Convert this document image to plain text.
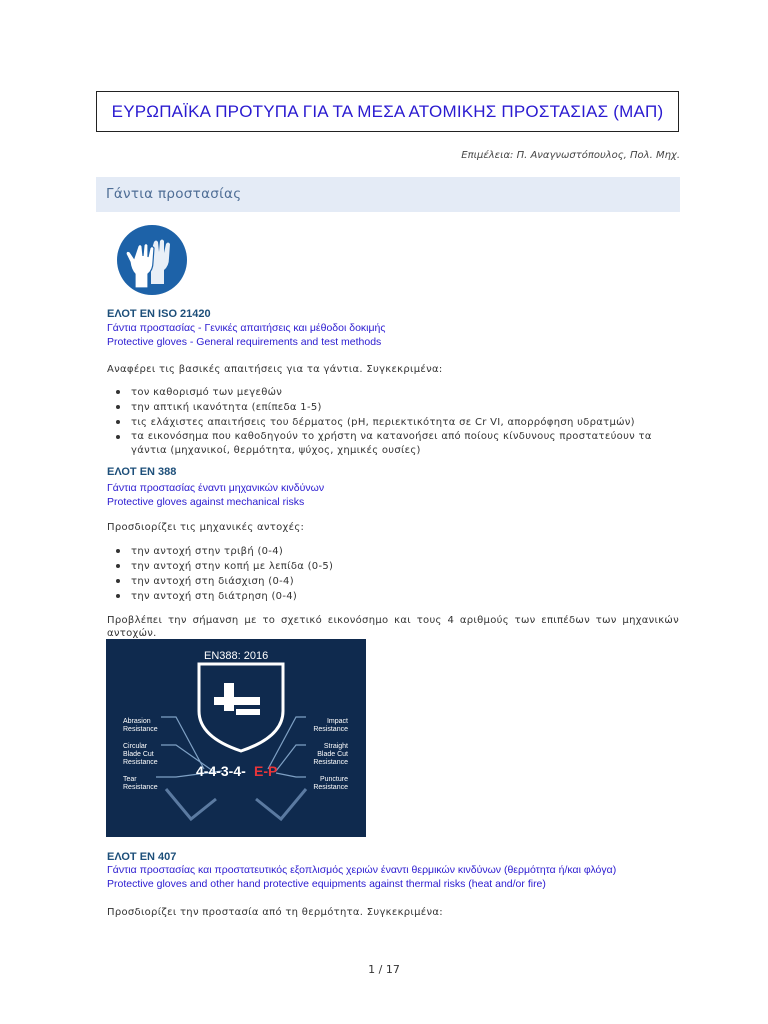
ΕΥΡΩΠΑΪΚΑ ΠΡΟΤΥΠΑ ΓΙΑ ΤΑ ΜΕΣΑ ΑΤΟΜΙΚΗΣ ΠΡΟΣΤΑΣΙΑΣ (ΜΑΠ)
Επιμέλεια: Π. Αναγνωστόπουλος, Πολ. Μηχ.
Γάντια προστασίας
ΕΛΟΤ EN ISO 21420
Γάντια προστασίας - Γενικές απαιτήσεις και μέθοδοι δοκιμής
Protective gloves - General requirements and test methods
Αναφέρει τις βασικές απαιτήσεις για τα γάντια. Συγκεκριμένα:
τον καθορισμό των μεγεθών
την απτική ικανότητα (επίπεδα 1-5)
τις ελάχιστες απαιτήσεις του δέρματος (pH, περιεκτικότητα σε Cr VI, απορρόφηση υδρατμών)
τα εικονόσημα που καθοδηγούν το χρήστη να κατανοήσει από ποίους κίνδυνους προστατεύουν τα γάντια (μηχανικοί, θερμότητα, ψύχος, χημικές ουσίες)
ΕΛΟΤ EN 388
Γάντια προστασίας έναντι μηχανικών κινδύνων
Protective gloves against mechanical risks
Προσδιορίζει τις μηχανικές αντοχές:
την αντοχή στην τριβή (0-4)
την αντοχή στην κοπή με λεπίδα (0-5)
την αντοχή στη διάσχιση (0-4)
την αντοχή στη διάτρηση (0-4)
Προβλέπει την σήμανση με το σχετικό εικονόσημο και τους 4 αριθμούς των επιπέδων των μηχανικών αντοχών.
EN388: 2016
4-4-3-4- E-P
Abrasion
Resistance
Circular
Blade Cut
Resistance
Tear
Resistance
Impact
Resistance
Straight
Blade Cut
Resistance
Puncture
Resistance
ΕΛΟΤ EN 407
Γάντια προστασίας και προστατευτικός εξοπλισμός χεριών έναντι θερμικών κινδύνων (θερμότητα ή/και φλόγα)
Protective gloves and other hand protective equipments against thermal risks (heat and/or fire)
Προσδιορίζει την προστασία από τη θερμότητα. Συγκεκριμένα:
1 / 17
